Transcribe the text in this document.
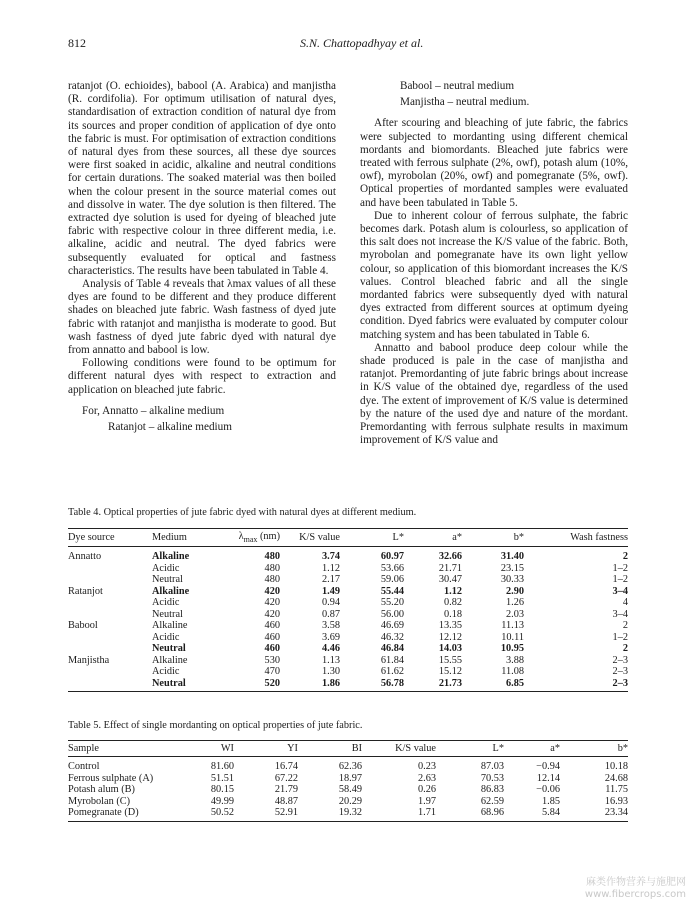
812	S.N. Chattopadhyay et al.

ratanjot (O. echioides), babool (A. Arabica) and manjistha (R. cordifolia). For optimum utilisation of natural dyes, standardisation of extraction condition of natural dye from its sources and proper condition of application of dye onto the fabric is must. For optimisation of extraction conditions of natural dyes from these sources, all these dye sources were first soaked in acidic, alkaline and neutral conditions for certain durations. The soaked material was then boiled when the colour present in the source material comes out and dissolve in water. The dye solution is then filtered. The extracted dye solution is used for dyeing of bleached jute fabric with respective colour in three different media, i.e. alkaline, acidic and neutral. The dyed fabrics were subsequently evaluated for optical and fastness characteristics. The results have been tabulated in Table 4.

Analysis of Table 4 reveals that λmax values of all these dyes are found to be different and they produce different shades on bleached jute fabric. Wash fastness of dyed jute fabric with ratanjot and manjistha is moderate to good. But wash fastness of dyed jute fabric dyed with natural dye from annatto and babool is low.

Following conditions were found to be optimum for different natural dyes with respect to extraction and application on bleached jute fabric.

For, Annatto – alkaline medium

Ratanjot – alkaline medium

Babool – neutral medium

Manjistha – neutral medium.

After scouring and bleaching of jute fabric, the fabrics were subjected to mordanting using different chemical mordants and biomordants. Bleached jute fabrics were treated with ferrous sulphate (2%, owf), potash alum (10%, owf), myrobolan (20%, owf) and pomegranate (5%, owf). Optical properties of mordanted samples were evaluated and have been tabulated in Table 5.

Due to inherent colour of ferrous sulphate, the fabric becomes dark. Potash alum is colourless, so application of this salt does not increase the K/S value of the fabric. Both, myrobolan and pomegranate have its own light yellow colour, so application of this biomordant increases the K/S values. Control bleached fabric and all the single mordanted fabrics were subsequently dyed with natural dyes extracted from different sources at optimum dyeing condition. Dyed fabrics were evaluated by computer colour matching system and has been tabulated in Table 6.

Annatto and babool produce deep colour while the shade produced is pale in the case of manjistha and ratanjot. Premordanting of jute fabric brings about increase in K/S value of the obtained dye, regardless of the used dye. The extent of improvement of K/S value is determined by the nature of the used dye and nature of the mordant. Premordanting with ferrous sulphate results in maximum improvement of K/S value and

Table 4. Optical properties of jute fabric dyed with natural dyes at different medium.
Dye source	Medium	$\lambda_{max}$ (nm)	K/S value	L*	a*	b*	Wash fastness
Annatto	Alkaline	480	3.74	60.97	32.66	31.40	2
	Acidic	480	1.12	53.66	21.71	23.15	1–2
	Neutral	480	2.17	59.06	30.47	30.33	1–2
Ratanjot	Alkaline	420	1.49	55.44	1.12	2.90	3–4
	Acidic	420	0.94	55.20	0.82	1.26	4
	Neutral	420	0.87	56.00	0.18	2.03	3–4
Babool	Alkaline	460	3.58	46.69	13.35	11.13	2
	Acidic	460	3.69	46.32	12.12	10.11	1–2
	Neutral	460	4.46	46.84	14.03	10.95	2
Manjistha	Alkaline	530	1.13	61.84	15.55	3.88	2–3
	Acidic	470	1.30	61.62	15.12	11.08	2–3
	Neutral	520	1.86	56.78	21.73	6.85	2–3
Table 5. Effect of single mordanting on optical properties of jute fabric.
Sample	WI	YI	BI	K/S value	L*	a*	b*
Control	81.60	16.74	62.36	0.23	87.03	−0.94	10.18
Ferrous sulphate (A)	51.51	67.22	18.97	2.63	70.53	12.14	24.68
Potash alum (B)	80.15	21.79	58.49	0.26	86.83	−0.06	11.75
Myrobolan (C)	49.99	48.87	20.29	1.97	62.59	1.85	16.93
Pomegranate (D)	50.52	52.91	19.32	1.71	68.96	5.84	23.34
麻类作物营养与施肥网
www.fibercrops.com
